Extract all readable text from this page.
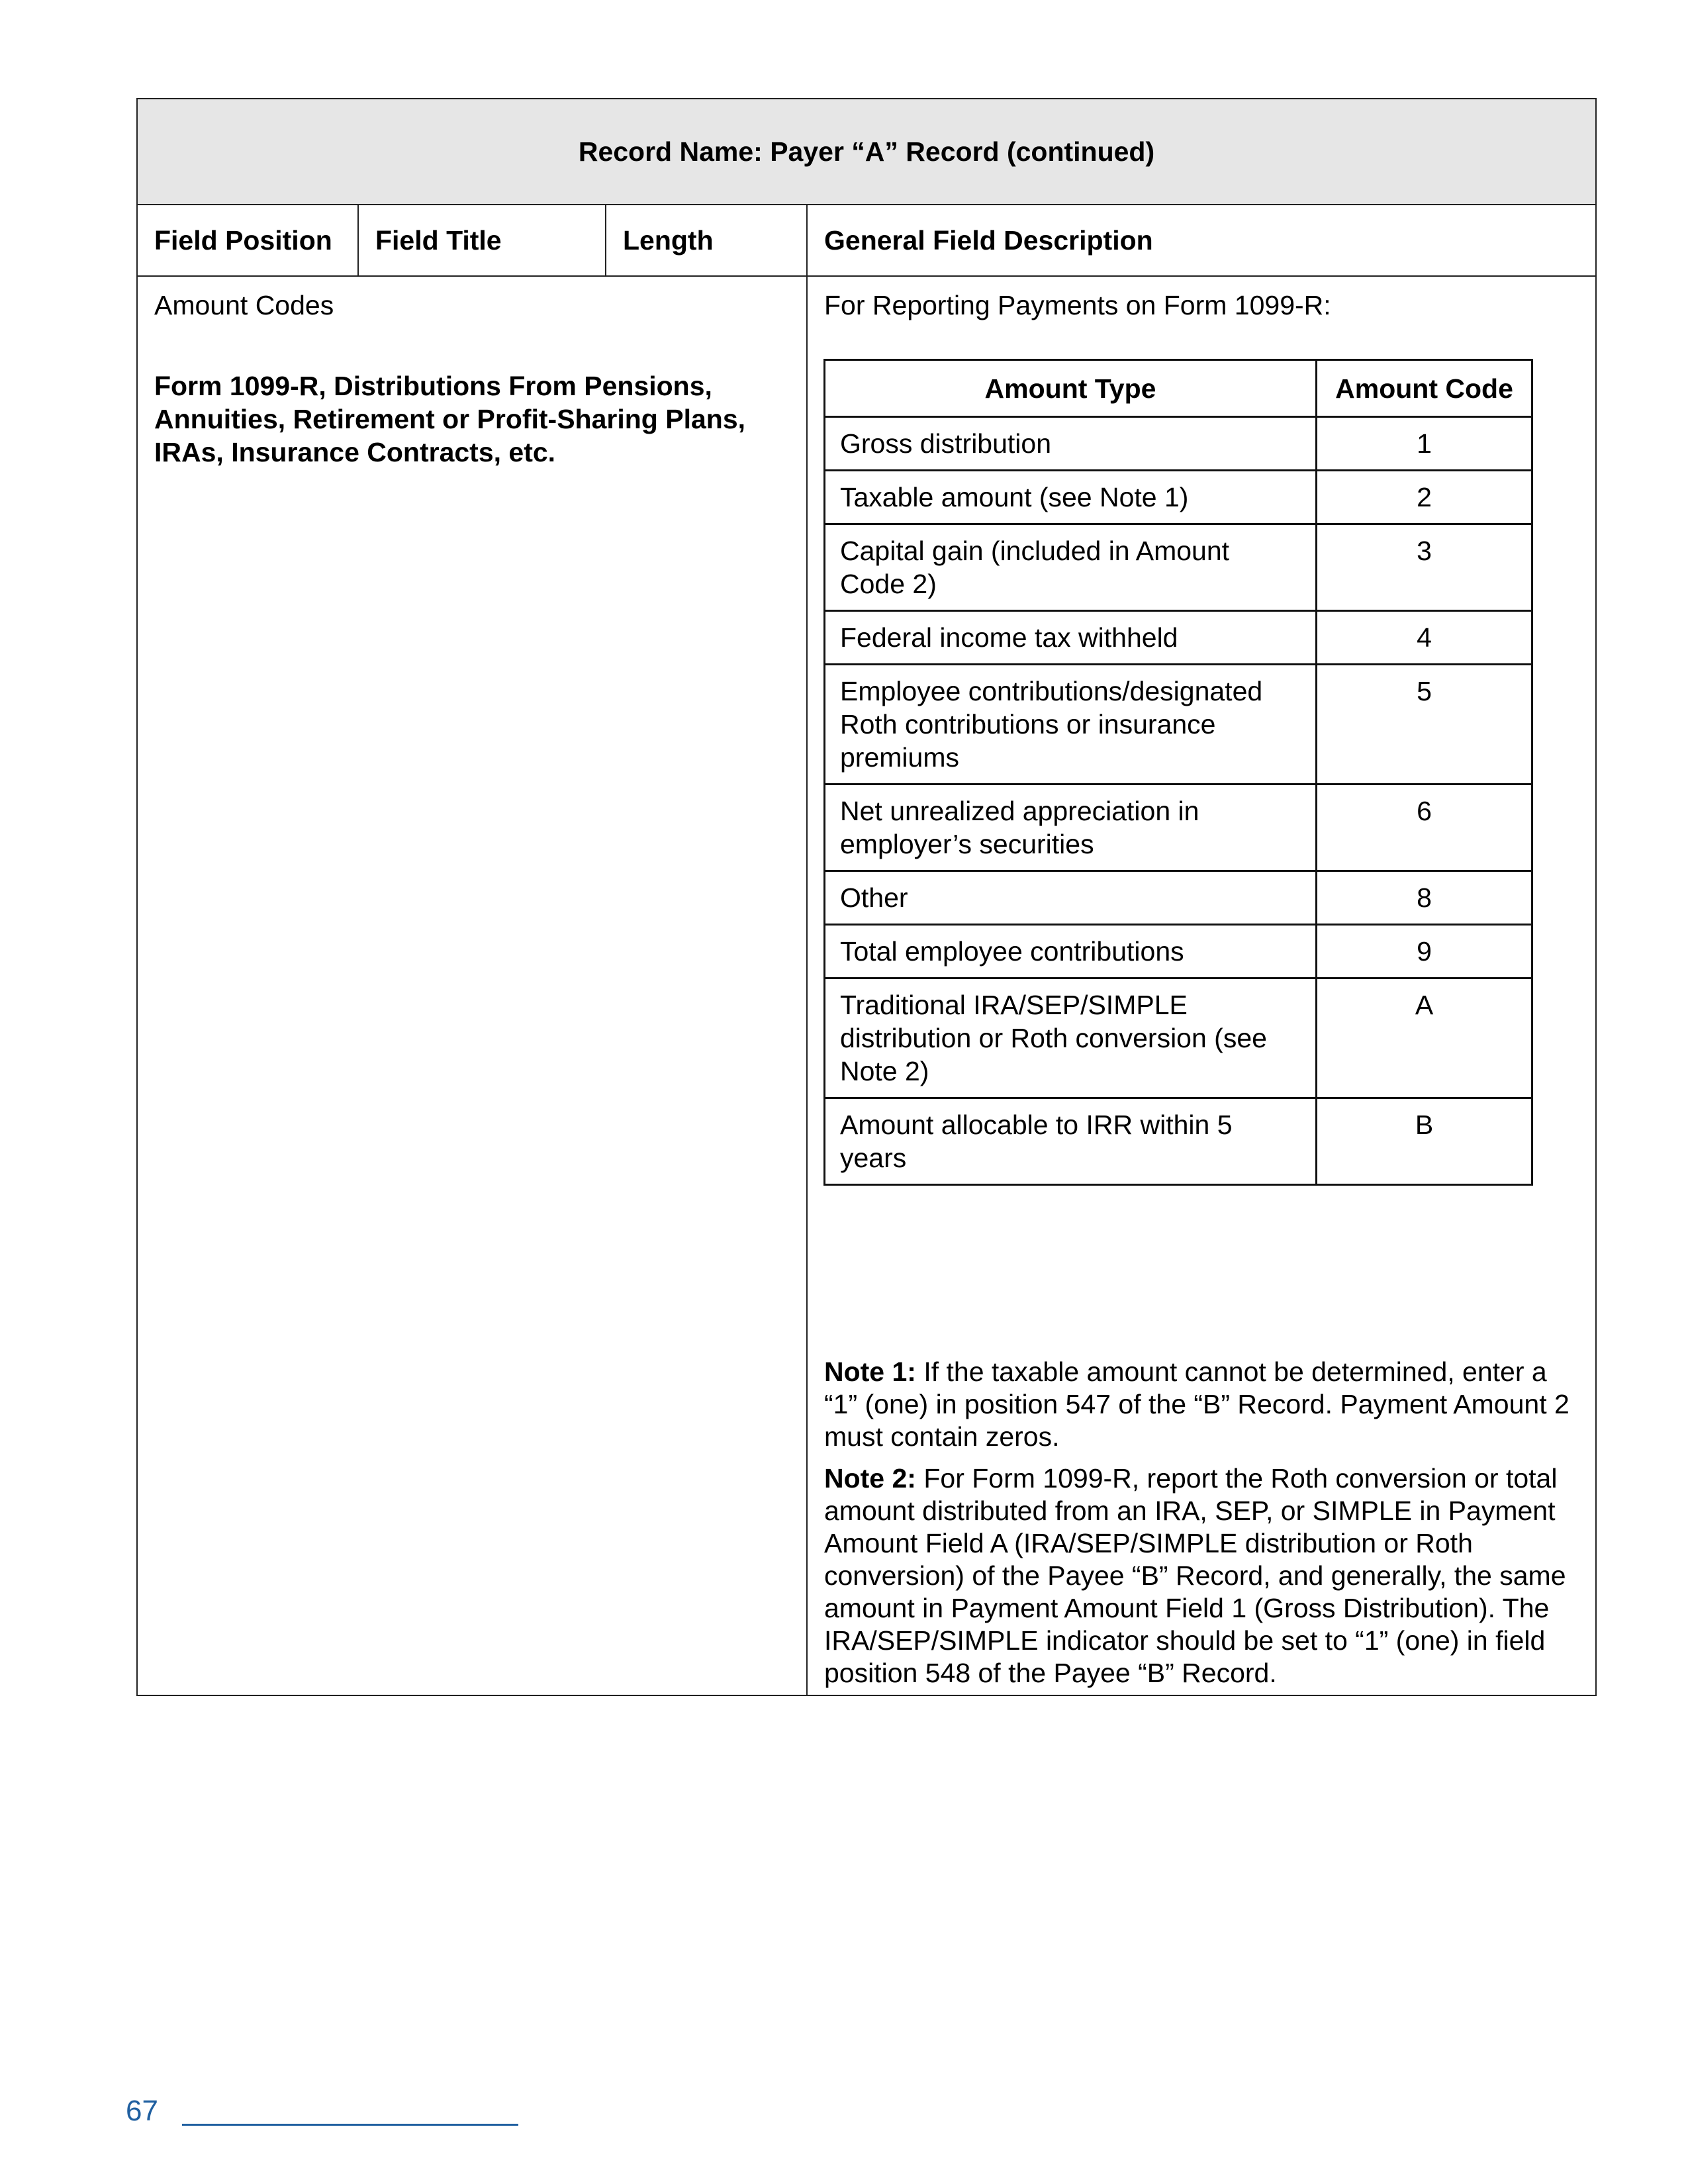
Record Name: Payer “A” Record (continued)
Field Position	Field Title	Length	General Field Description
Amount Codes
Form 1099-R, Distributions From Pensions, Annuities, Retirement or Profit-Sharing Plans, IRAs, Insurance Contracts, etc.
For Reporting Payments on Form 1099-R:
Amount Type	Amount Code
Gross distribution	1
Taxable amount (see Note 1)	2
Capital gain (included in Amount Code 2)	3
Federal income tax withheld	4
Employee contributions/designated Roth contributions or insurance premiums	5
Net unrealized appreciation in employer’s securities	6
Other	8
Total employee contributions	9
Traditional IRA/SEP/SIMPLE distribution or Roth conversion (see Note 2)	A
Amount allocable to IRR within 5 years	B

Note 1: If the taxable amount cannot be determined, enter a “1” (one) in position 547 of the “B” Record. Payment Amount 2 must contain zeros.

Note 2: For Form 1099-R, report the Roth conversion or total amount distributed from an IRA, SEP, or SIMPLE in Payment Amount Field A (IRA/SEP/SIMPLE distribution or Roth conversion) of the Payee “B” Record, and generally, the same amount in Payment Amount Field 1 (Gross Distribution). The IRA/SEP/SIMPLE indicator should be set to “1” (one) in field position 548 of the Payee “B” Record.

67
